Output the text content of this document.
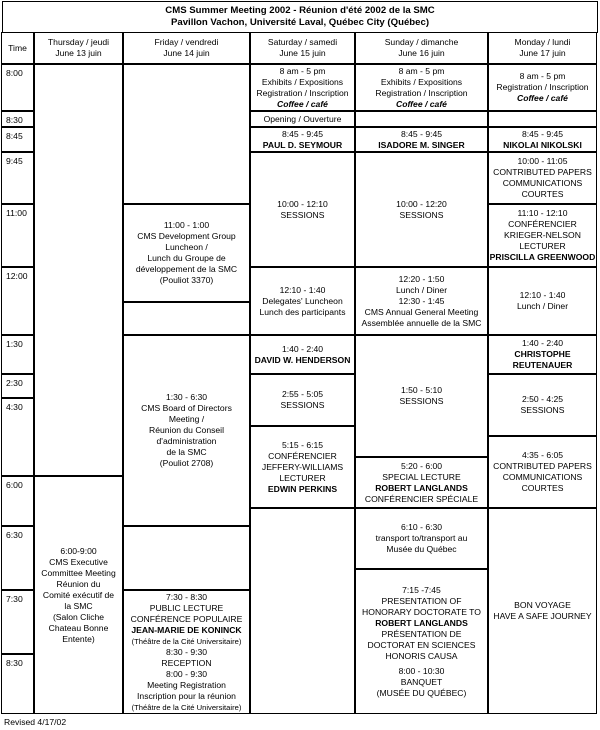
CMS Summer Meeting 2002 - Réunion d'été 2002 de la SMC
Pavillon Vachon, Université Laval, Québec City (Québec)
Time
Thursday / jeudi
June 13 juin
Friday / vendredi
June 14 juin
Saturday / samedi
June 15 juin
Sunday / dimanche
June 16 juin
Monday / lundi
June 17 juin
8:00
8:30
8:45
9:45
11:00
12:00
1:30
2:30
4:30
6:00
6:30
7:30
8:30
6:00-9:00
CMS Executive
Committee Meeting
Réunion du
Comité exécutif de
la SMC
(Salon Cliche
Chateau Bonne
Entente)
11:00 - 1:00
CMS Development Group
Luncheon /
Lunch du Groupe de
développement de la SMC
(Pouliot 3370)
1:30 - 6:30
CMS Board of Directors
Meeting /
Réunion du Conseil
d'administration
de la SMC
(Pouliot 2708)
7:30 - 8:30
PUBLIC LECTURE
CONFÉRENCE POPULAIRE
JEAN-MARIE DE KONINCK
(Théâtre de la Cité Universitaire)
8:30 - 9:30
RECEPTION
8:00 - 9:30
Meeting Registration
Inscription pour la réunion
(Théâtre de la Cité Universitaire)
8 am - 5 pm
Exhibits / Expositions
Registration / Inscription
Coffee / café
Opening / Ouverture
8:45 - 9:45
PAUL D. SEYMOUR
10:00 - 12:10
SESSIONS
12:10 - 1:40
Delegates' Luncheon
Lunch des participants
1:40 - 2:40
DAVID W. HENDERSON
2:55 - 5:05
SESSIONS
5:15 - 6:15
CONFÉRENCIER
JEFFERY-WILLIAMS
LECTURER
EDWIN PERKINS
8 am - 5 pm
Exhibits / Expositions
Registration / Inscription
Coffee / café
8:45 - 9:45
ISADORE M. SINGER
10:00 - 12:20
SESSIONS
12:20 - 1:50
Lunch / Diner
12:30 - 1:45
CMS Annual General Meeting
Assemblée annuelle de la SMC
1:50 - 5:10
SESSIONS
5:20 - 6:00
SPECIAL LECTURE
ROBERT LANGLANDS
CONFÉRENCIER SPÉCIALE
6:10 - 6:30
transport to/transport au
Musée du Québec
7:15 -7:45
PRESENTATION OF
HONORARY DOCTORATE TO
ROBERT LANGLANDS
PRÉSENTATION DE
DOCTORAT EN SCIENCES
HONORIS CAUSA
8:00 - 10:30
BANQUET
(MUSÉE DU QUÉBEC)
8 am - 5 pm
Registration / Inscription
Coffee / café
8:45 - 9:45
NIKOLAI NIKOLSKI
10:00 - 11:05
CONTRIBUTED PAPERS
COMMUNICATIONS
COURTES
11:10 - 12:10
CONFÉRENCIER
KRIEGER-NELSON
LECTURER
PRISCILLA GREENWOOD
12:10 - 1:40
Lunch / Diner
1:40 - 2:40
CHRISTOPHE
REUTENAUER
2:50 - 4:25
SESSIONS
4:35 - 6:05
CONTRIBUTED PAPERS
COMMUNICATIONS
COURTES
BON VOYAGE
HAVE A SAFE JOURNEY
Revised 4/17/02
